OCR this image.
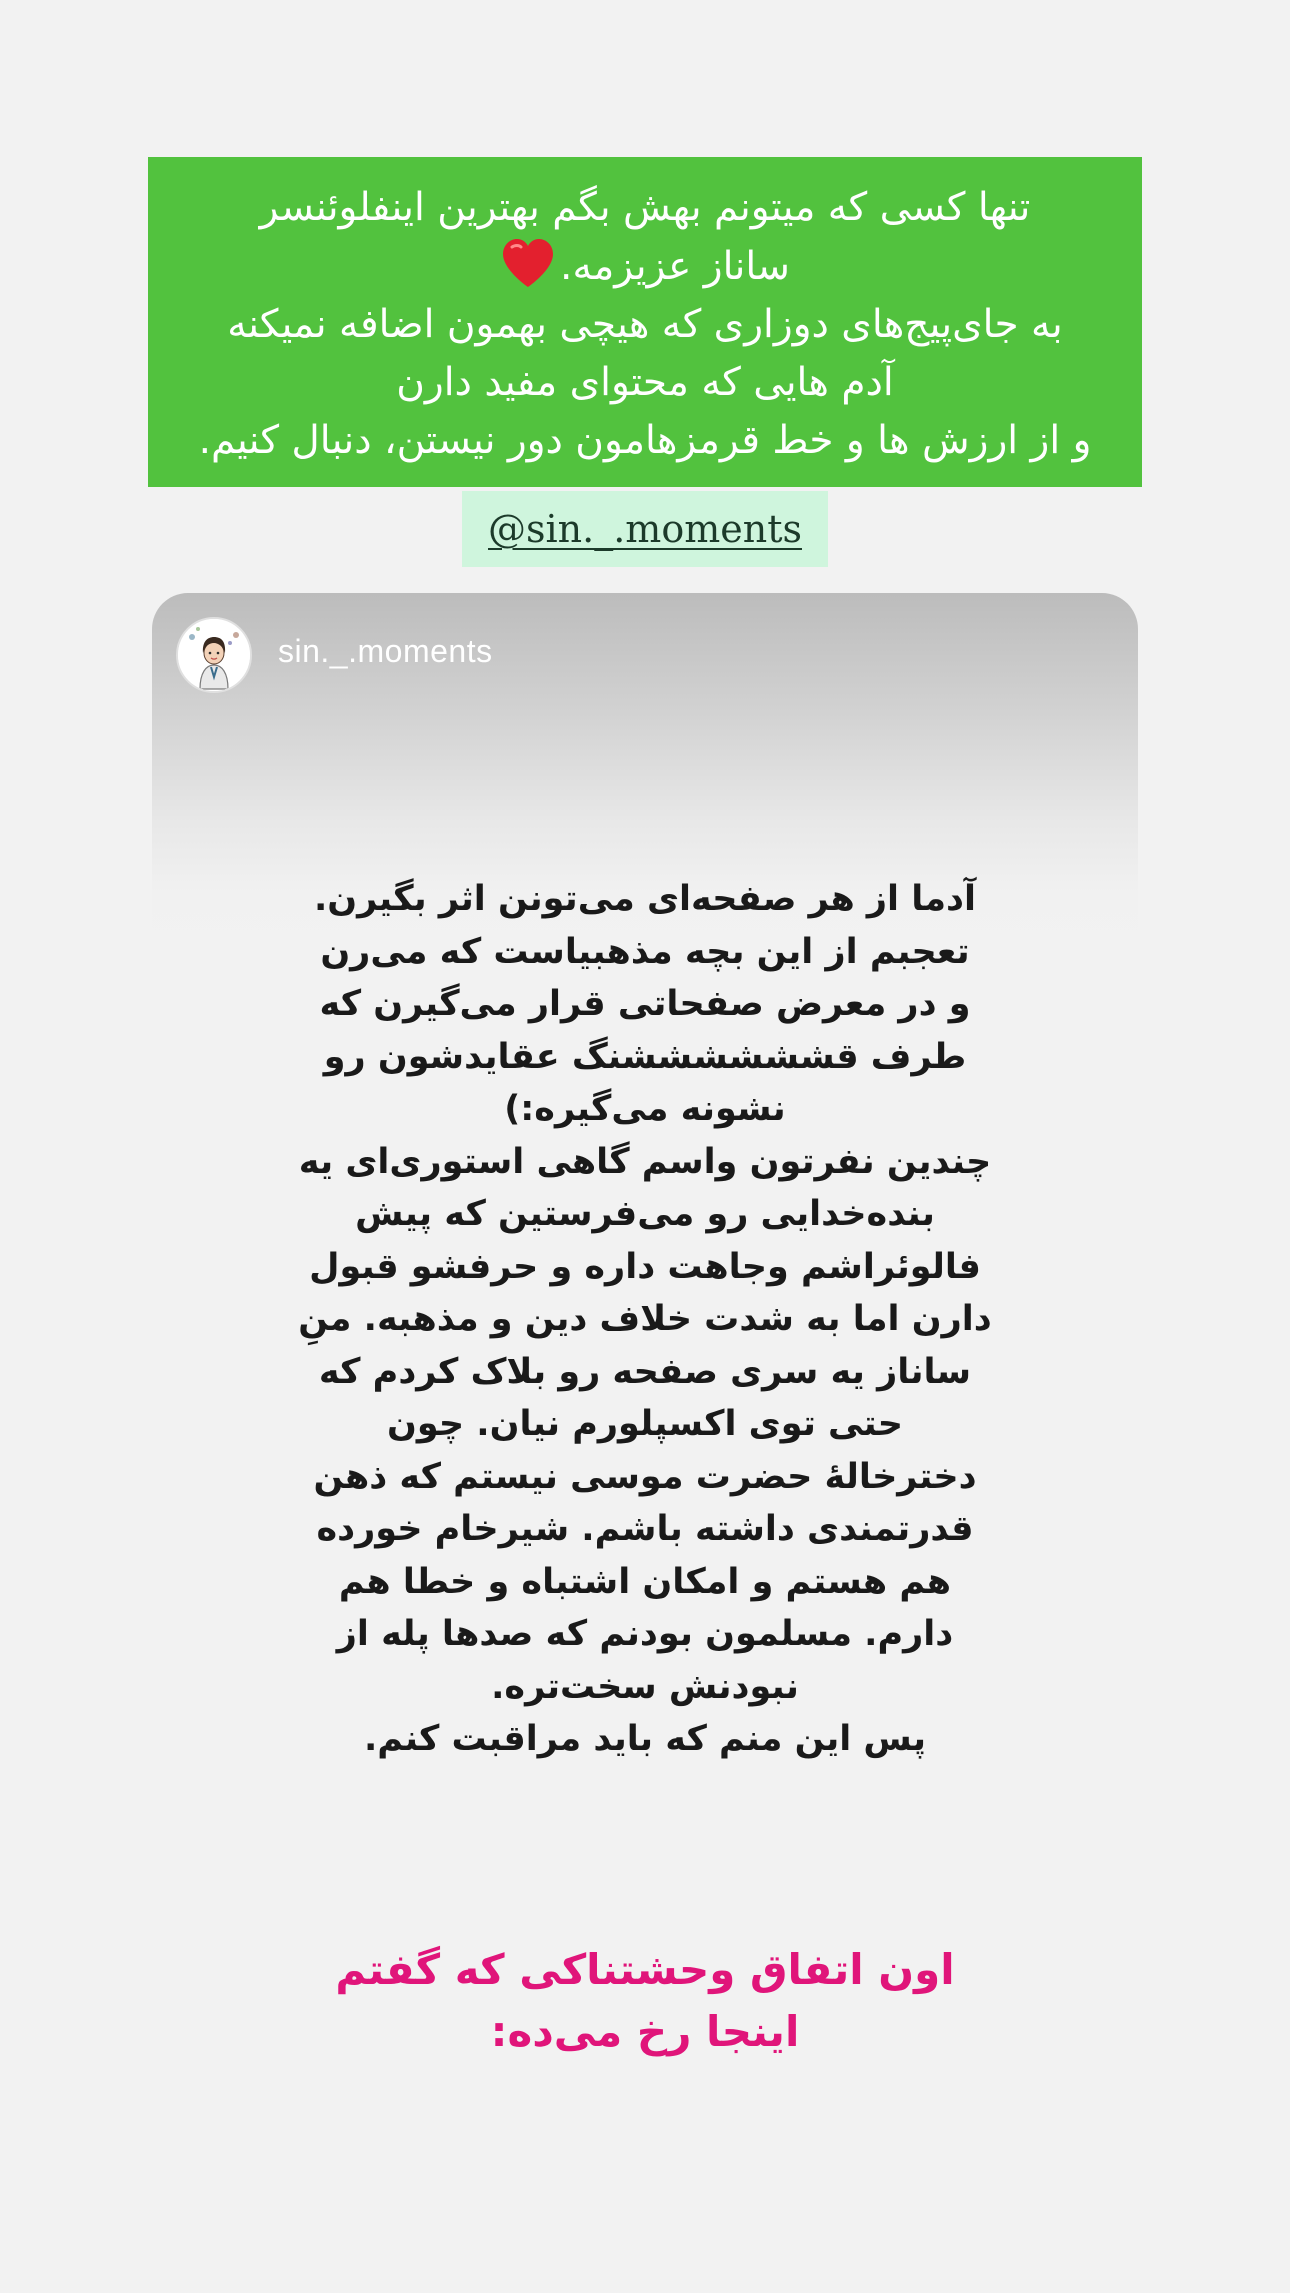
تنها کسی که میتونم بهش بگم بهترین اینفلوئنسر
ساناز عزیزمه.
به جای‌پیج‌های دوزاری که هیچی بهمون اضافه نمیکنه
آدم هایی که محتوای مفید دارن
و از ارزش ها و خط قرمزهامون دور نیستن، دنبال کنیم.
@sin._.moments
sin._.moments
آدما از هر صفحه‌ای می‌تونن اثر بگیرن.
تعجبم از این بچه مذهبیاست که می‌رن
و در معرض صفحاتی قرار می‌گیرن که
طرف قششششششنگ عقایدشون رو
نشونه می‌گیره:)
چندین نفرتون واسم گاهی استوری‌ای یه
بنده‌خدایی رو می‌فرستین که پیش
فالوئراشم وجاهت داره و حرفشو قبول
دارن اما به شدت خلاف دین و مذهبه. منِ
ساناز یه سری صفحه رو بلاک کردم که
حتی توی اکسپلورم نیان. چون
دخترخالهٔ حضرت موسی نیستم که ذهن
قدرتمندی داشته باشم. شیرخام خورده
هم هستم و امکان اشتباه و خطا هم
دارم. مسلمون بودنم که صدها پله از
نبودنش سخت‌تره.
پس این منم که باید مراقبت کنم.
اون اتفاق وحشتناکی که گفتم
اینجا رخ می‌ده:
